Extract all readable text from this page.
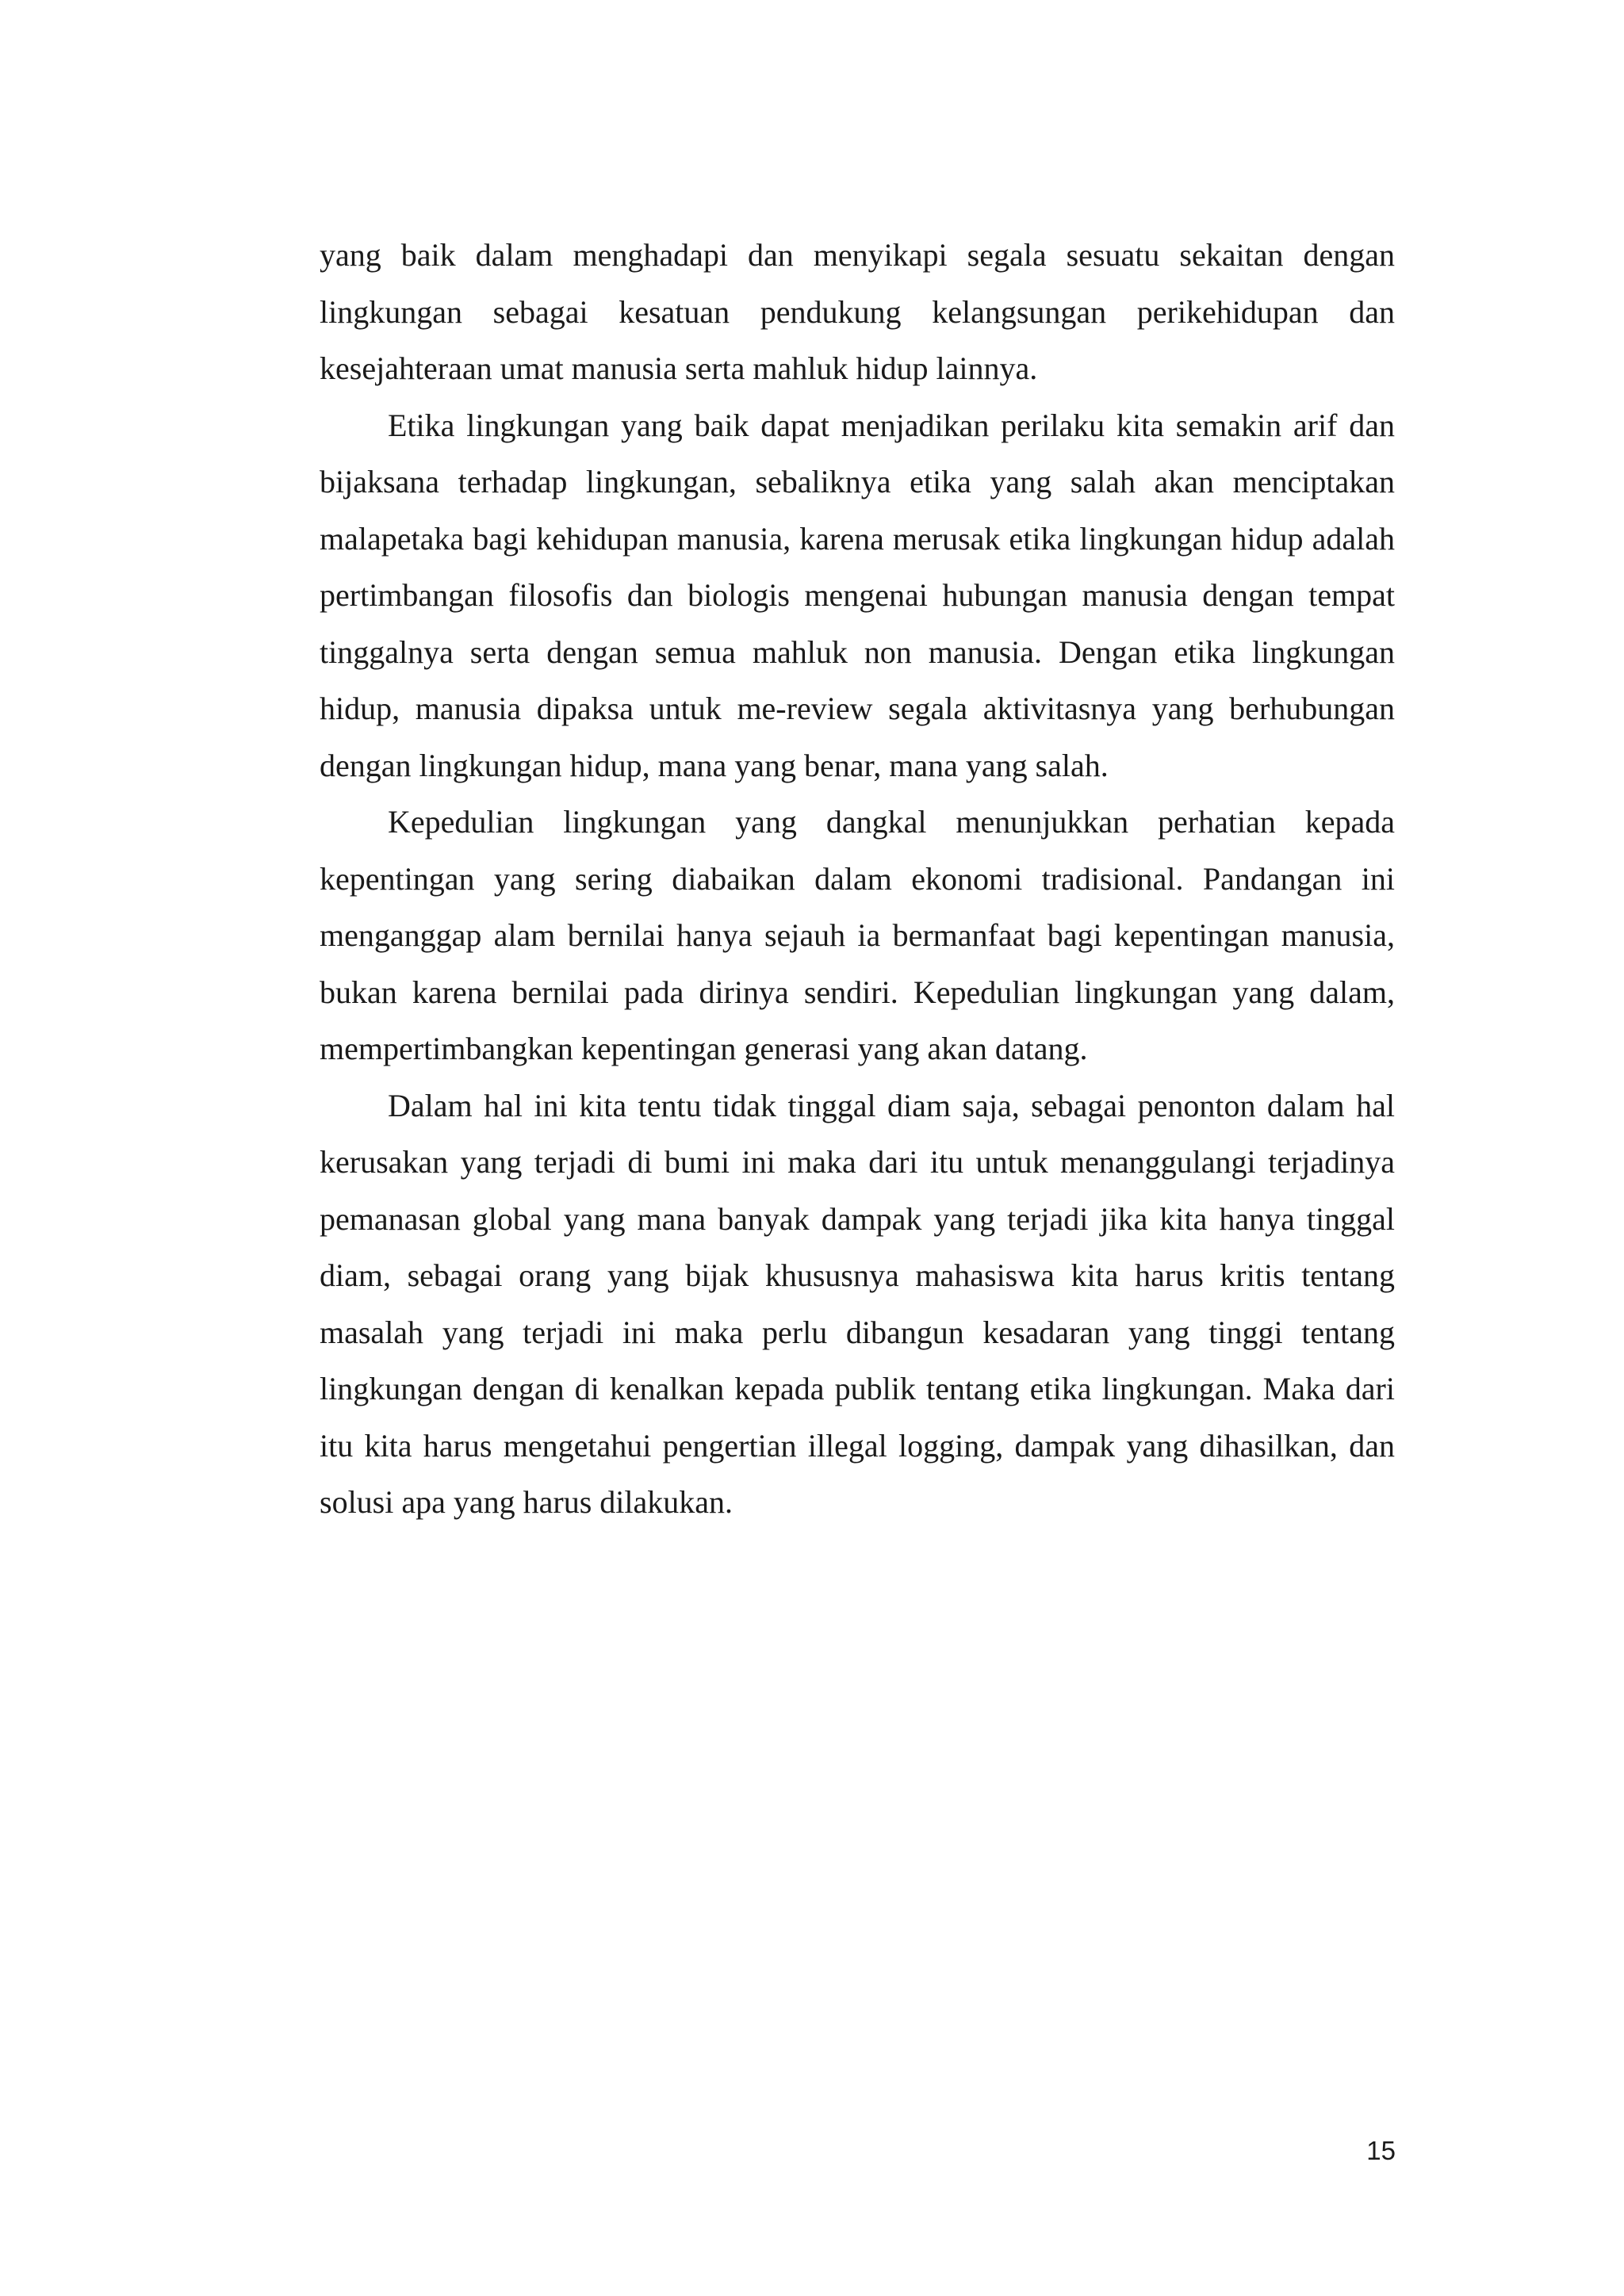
yang baik dalam menghadapi dan menyikapi segala sesuatu sekaitan dengan lingkungan sebagai kesatuan pendukung kelangsungan perikehidupan dan kesejahteraan umat manusia serta mahluk hidup lainnya.

Etika lingkungan yang baik dapat menjadikan perilaku kita semakin arif dan bijaksana terhadap lingkungan, sebaliknya etika yang salah akan menciptakan malapetaka bagi kehidupan manusia, karena merusak etika lingkungan hidup adalah pertimbangan filosofis dan biologis mengenai hubungan manusia dengan tempat tinggalnya serta dengan semua mahluk non manusia. Dengan etika lingkungan hidup, manusia dipaksa untuk me-review segala aktivitasnya yang berhubungan dengan lingkungan hidup, mana yang benar, mana yang salah.

Kepedulian lingkungan yang dangkal menunjukkan perhatian kepada kepentingan yang sering diabaikan dalam ekonomi tradisional. Pandangan ini menganggap alam bernilai hanya sejauh ia bermanfaat bagi kepentingan manusia, bukan karena bernilai pada dirinya sendiri. Kepedulian lingkungan yang dalam, mempertimbangkan kepentingan generasi yang akan datang.

Dalam hal ini kita tentu tidak tinggal diam saja, sebagai penonton dalam hal kerusakan yang terjadi di bumi ini maka dari itu untuk menanggulangi terjadinya pemanasan global yang mana banyak dampak yang terjadi jika kita hanya tinggal diam, sebagai orang yang bijak khususnya mahasiswa kita harus kritis tentang masalah yang terjadi ini maka perlu dibangun kesadaran yang tinggi tentang lingkungan dengan di kenalkan kepada publik tentang etika lingkungan. Maka dari itu kita harus mengetahui pengertian illegal logging, dampak yang dihasilkan, dan solusi apa yang harus dilakukan.

15
